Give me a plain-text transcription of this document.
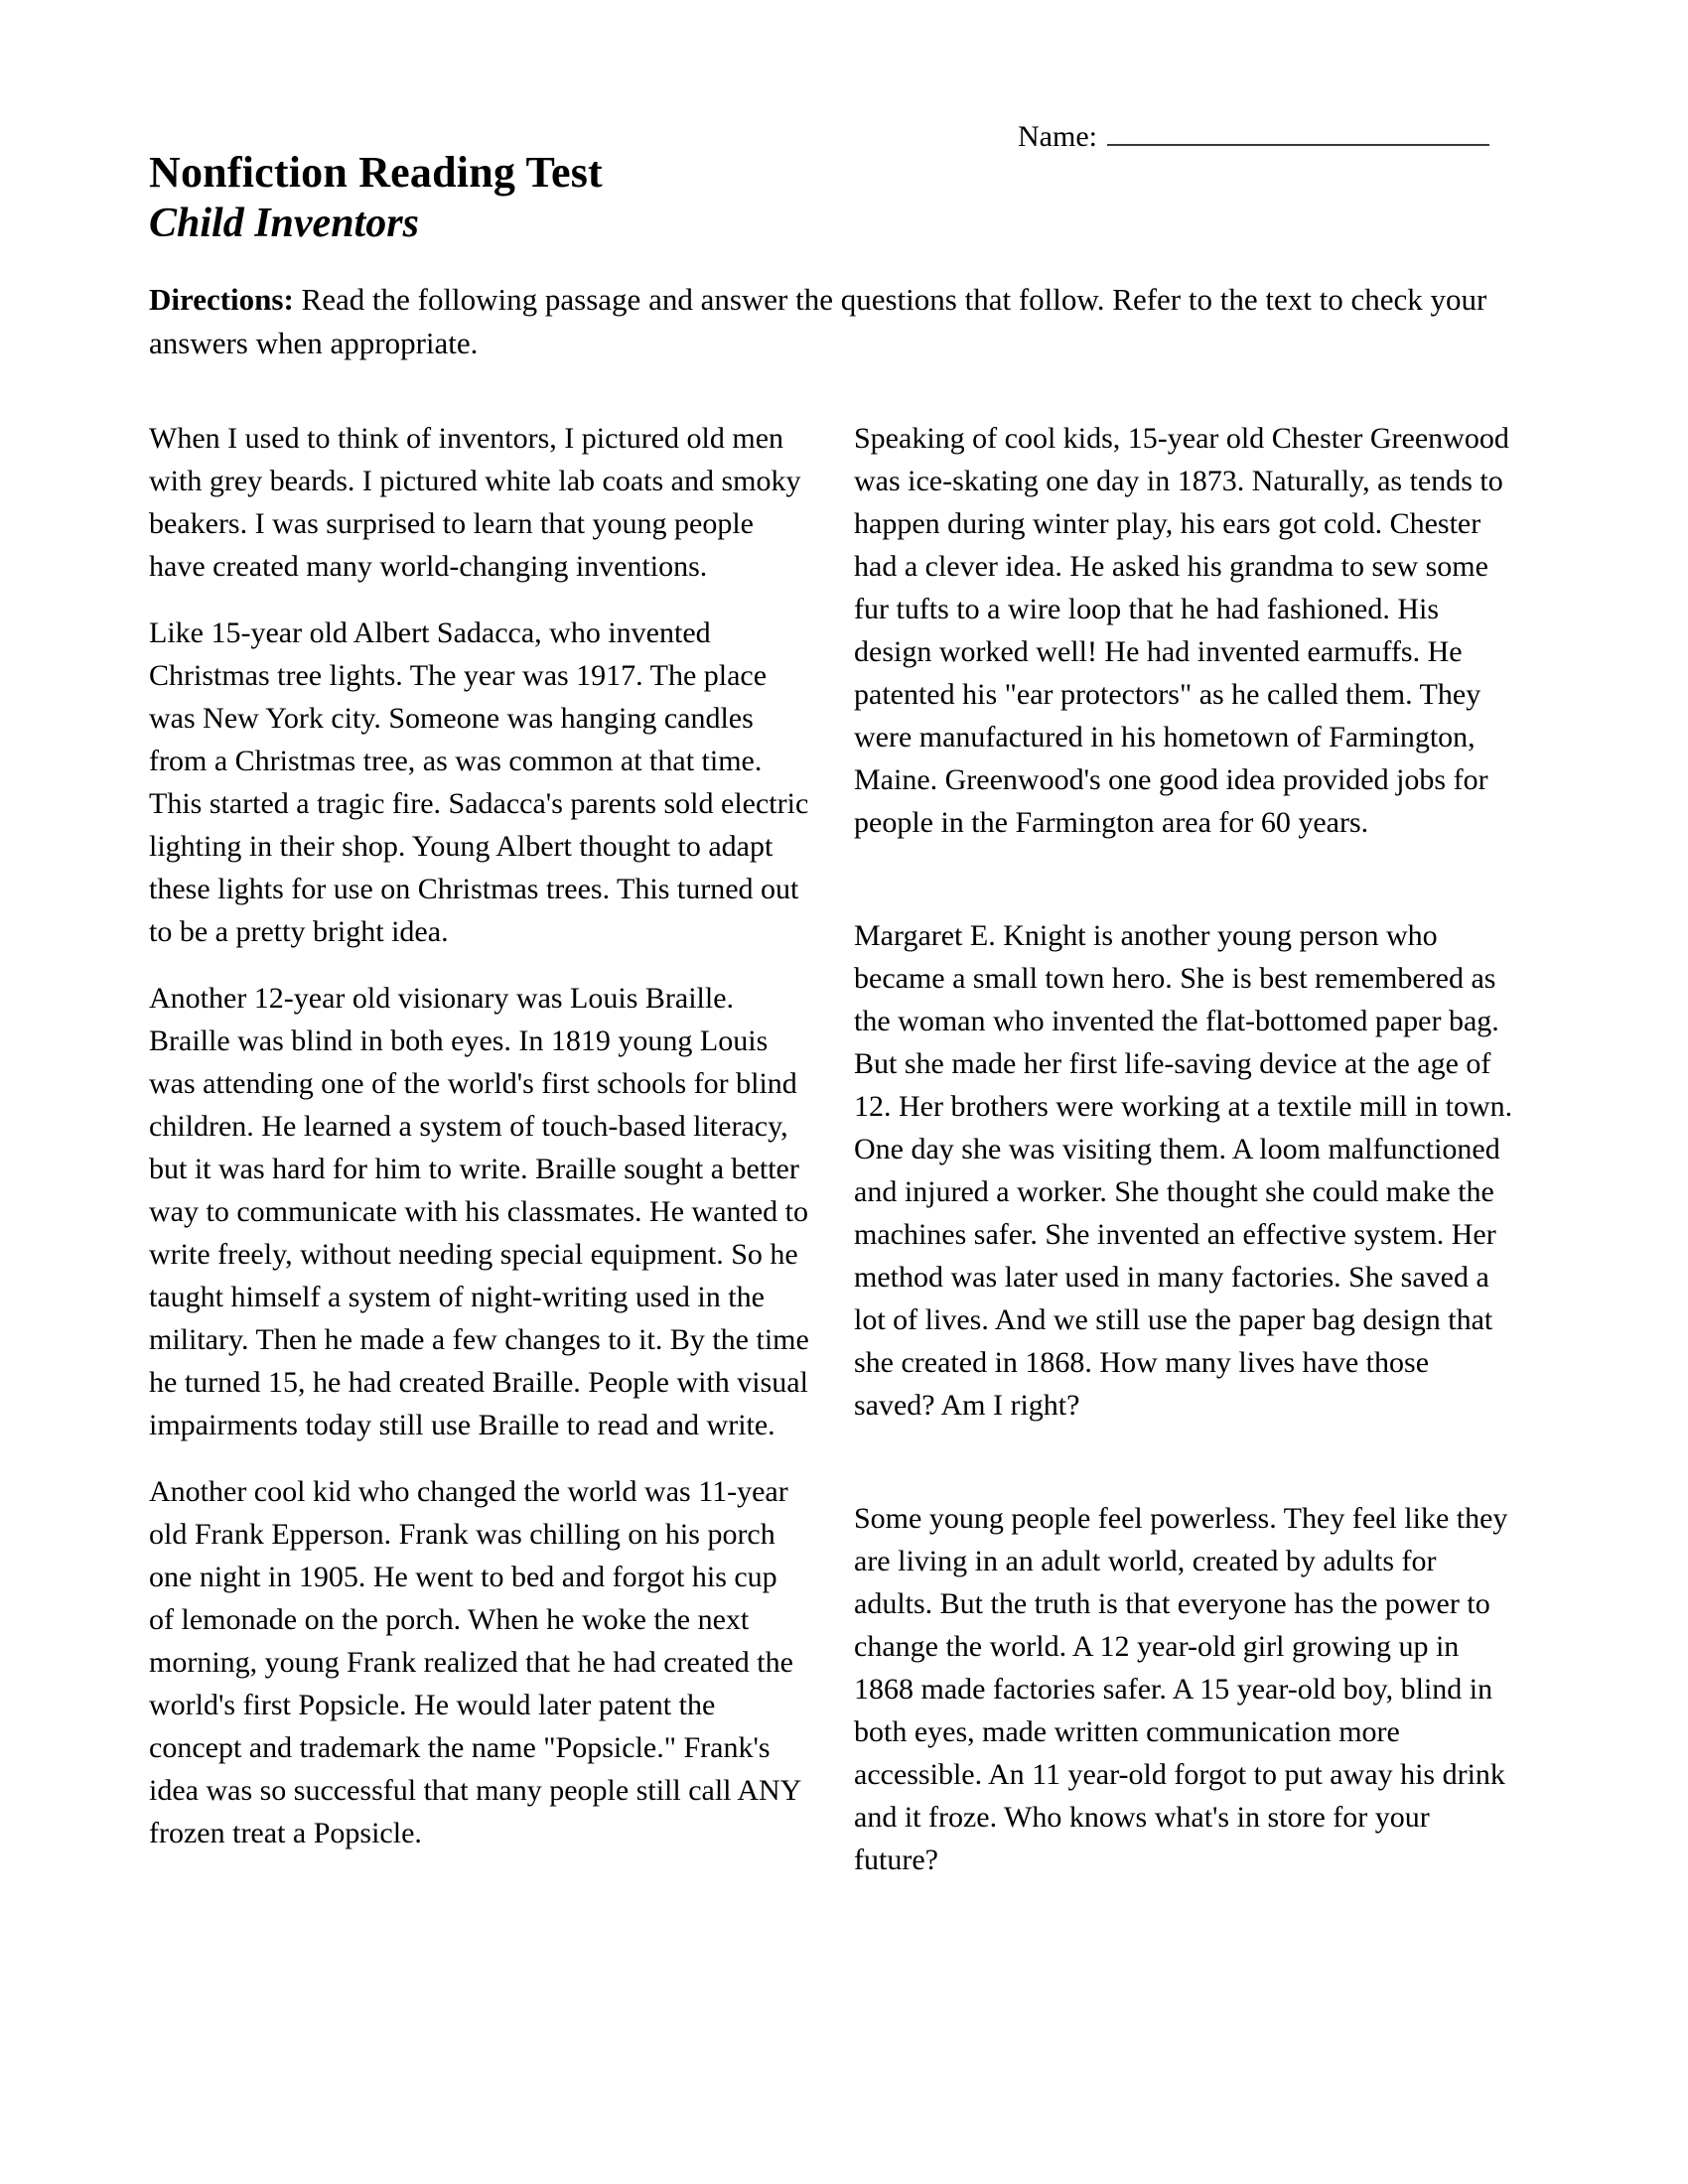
Name:
Nonfiction Reading Test
Child Inventors

Directions: Read the following passage and answer the questions that follow. Refer to the text to check your answers when appropriate.

When I used to think of inventors, I pictured old men with grey beards. I pictured white lab coats and smoky beakers. I was surprised to learn that young people have created many world-changing inventions.

Like 15-year old Albert Sadacca, who invented Christmas tree lights. The year was 1917. The place was New York city. Someone was hanging candles from a Christmas tree, as was common at that time. This started a tragic fire. Sadacca's parents sold electric lighting in their shop. Young Albert thought to adapt these lights for use on Christmas trees. This turned out to be a pretty bright idea.

Another 12-year old visionary was Louis Braille. Braille was blind in both eyes. In 1819 young Louis was attending one of the world's first schools for blind children. He learned a system of touch-based literacy, but it was hard for him to write. Braille sought a better way to communicate with his classmates. He wanted to write freely, without needing special equipment. So he taught himself a system of night-writing used in the military. Then he made a few changes to it. By the time he turned 15, he had created Braille. People with visual impairments today still use Braille to read and write.

Another cool kid who changed the world was 11-year old Frank Epperson. Frank was chilling on his porch one night in 1905. He went to bed and forgot his cup of lemonade on the porch. When he woke the next morning, young Frank realized that he had created the world's first Popsicle. He would later patent the concept and trademark the name "Popsicle." Frank's idea was so successful that many people still call ANY frozen treat a Popsicle.

Speaking of cool kids, 15-year old Chester Greenwood was ice-skating one day in 1873. Naturally, as tends to happen during winter play, his ears got cold. Chester had a clever idea. He asked his grandma to sew some fur tufts to a wire loop that he had fashioned. His design worked well! He had invented earmuffs. He patented his "ear protectors" as he called them. They were manufactured in his hometown of Farmington, Maine. Greenwood's one good idea provided jobs for people in the Farmington area for 60 years.

Margaret E. Knight is another young person who became a small town hero. She is best remembered as the woman who invented the flat-bottomed paper bag. But she made her first life-saving device at the age of 12. Her brothers were working at a textile mill in town. One day she was visiting them. A loom malfunctioned and injured a worker. She thought she could make the machines safer. She invented an effective system. Her method was later used in many factories. She saved a lot of lives. And we still use the paper bag design that she created in 1868. How many lives have those saved? Am I right?

Some young people feel powerless. They feel like they are living in an adult world, created by adults for adults. But the truth is that everyone has the power to change the world. A 12 year-old girl growing up in 1868 made factories safer. A 15 year-old boy, blind in both eyes, made written communication more accessible. An 11 year-old forgot to put away his drink and it froze. Who knows what's in store for your future?
